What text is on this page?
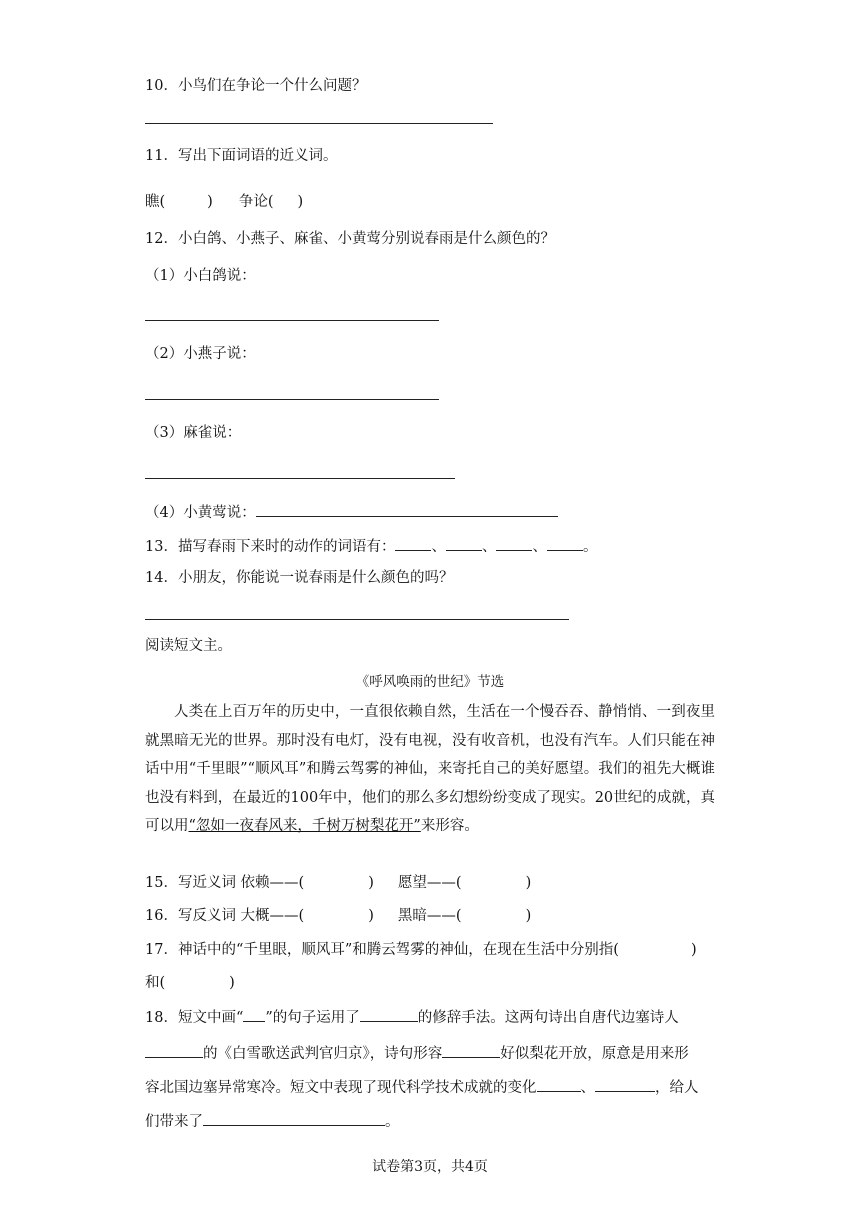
10．小鸟们在争论一个什么问题？
11．写出下面词语的近义词。
瞧(	) 争论( )
12．小白鸽、小燕子、麻雀、小黄莺分别说春雨是什么颜色的？
（1）小白鸽说：
（2）小燕子说：
（3）麻雀说：
（4）小黄莺说：
13．描写春雨下来时的动作的词语有： 、 、 、 。
14．小朋友，你能说一说春雨是什么颜色的吗？
阅读短文主。
《呼风唤雨的世纪》节选
人类在上百万年的历史中，一直很依赖自然，生活在一个慢吞吞、静悄悄、一到夜里就黑暗无光的世界。那时没有电灯，没有电视，没有收音机，也没有汽车。人们只能在神话中用“千里眼”“顺风耳”和腾云驾雾的神仙，来寄托自己的美好愿望。我们的祖先大概谁也没有料到，在最近的100年中，他们的那么多幻想纷纷变成了现实。20世纪的成就，真可以用“忽如一夜春风来，千树万树梨花开”来形容。
15．写近义词 依赖——(	) 愿望——(	)
16．写反义词 大概——(	) 黑暗——(	)
17．神话中的“千里眼，顺风耳”和腾云驾雾的神仙，在现在生活中分别指(	)
和(	)
18．短文中画“ ”的句子运用了	的修辞手法。这两句诗出自唐代边塞诗人
的《白雪歌送武判官归京》，诗句形容	好似梨花开放，原意是用来形
容北国边塞异常寒冷。短文中表现了现代科学技术成就的变化	、	，给人
们带来了	。
试卷第3页，共4页
